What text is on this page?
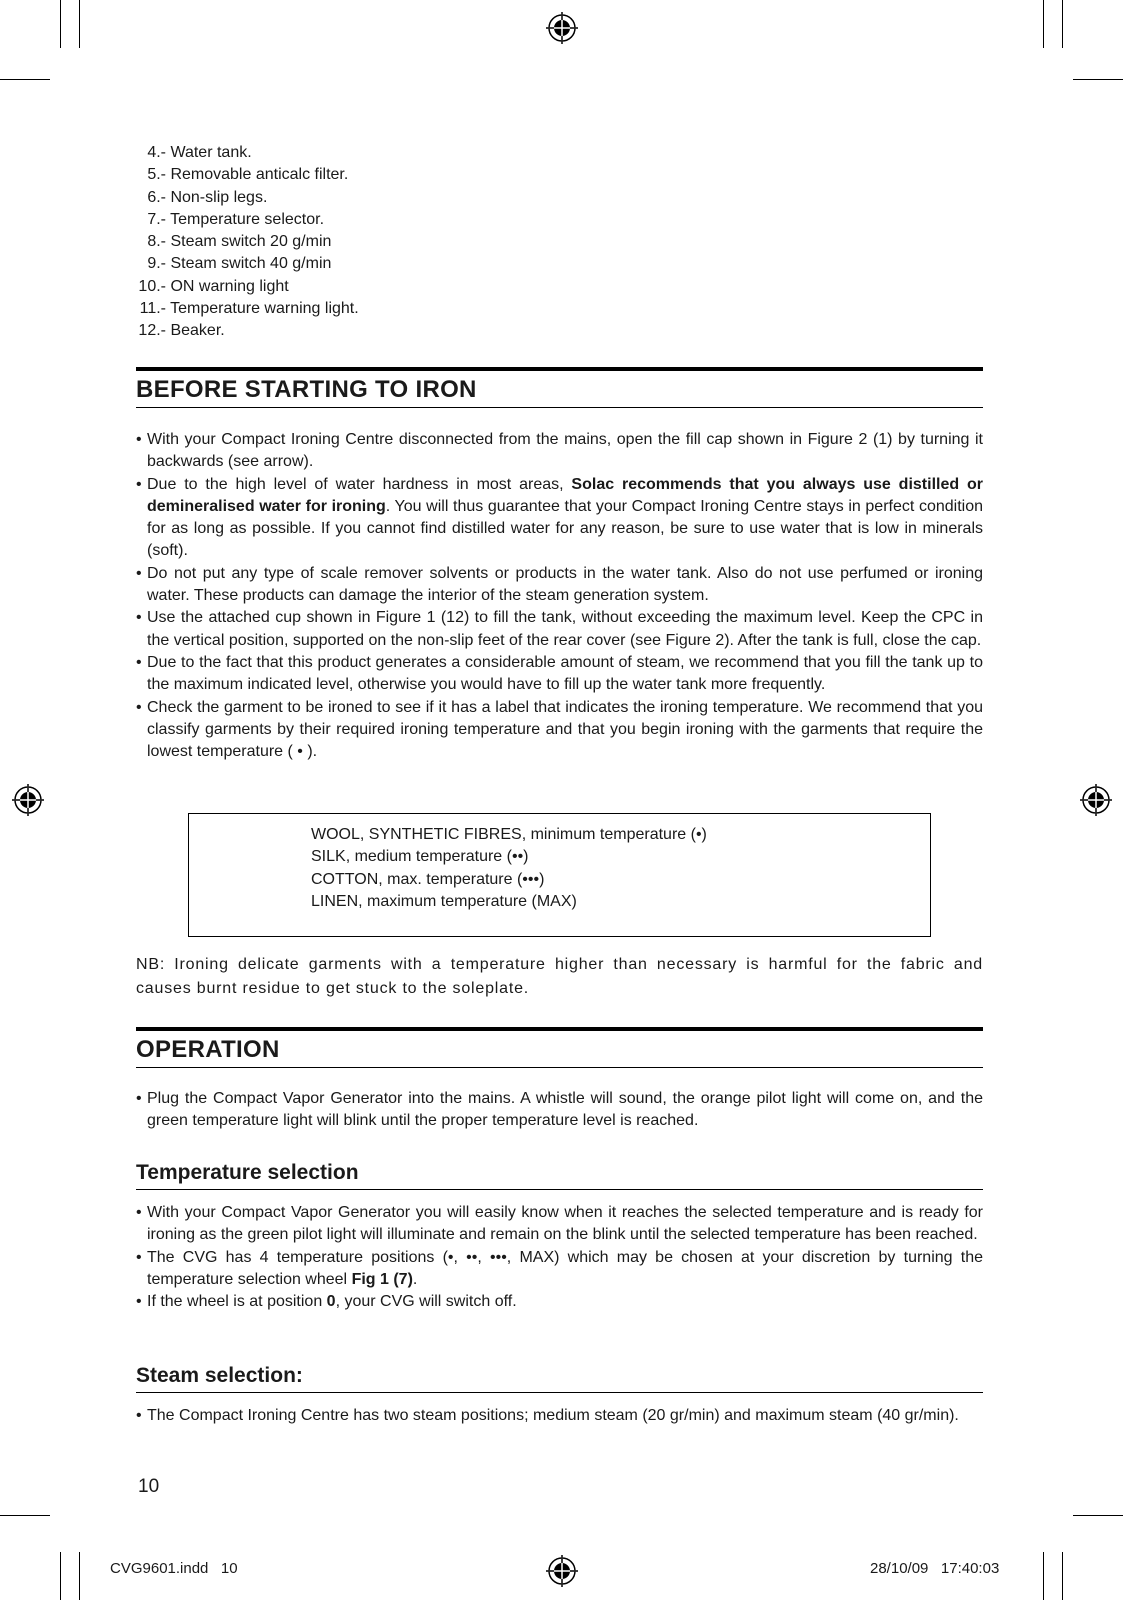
4.- Water tank.
5.- Removable anticalc filter.
6.- Non-slip legs.
7.- Temperature selector.
8.- Steam switch 20 g/min
9.- Steam switch 40 g/min
10.- ON warning light
11.- Temperature warning light.
12.- Beaker.
BEFORE STARTING TO IRON
• With your Compact Ironing Centre disconnected from the mains, open the fill cap shown in Figure 2 (1) by turning it backwards (see arrow).
• Due to the high level of water hardness in most areas, Solac recommends that you always use distilled or demineralised water for ironing. You will thus guarantee that your Compact Ironing Centre stays in perfect condition for as long as possible. If you cannot find distilled water for any reason, be sure to use water that is low in minerals (soft).
• Do not put any type of scale remover solvents or products in the water tank. Also do not use perfumed or ironing water. These products can damage the interior of the steam generation system.
• Use the attached cup shown in Figure 1 (12) to fill the tank, without exceeding the maximum level. Keep the CPC in the vertical position, supported on the non-slip feet of the rear cover (see Figure 2). After the tank is full, close the cap.
• Due to the fact that this product generates a considerable amount of steam, we recommend that you fill the tank up to the maximum indicated level, otherwise you would have to fill up the water tank more frequently.
• Check the garment to be ironed to see if it has a label that indicates the ironing temperature. We recommend that you classify garments by their required ironing temperature and that you begin ironing with the garments that require the lowest temperature ( • ).
WOOL, SYNTHETIC FIBRES, minimum temperature (•)
SILK, medium temperature (••)
COTTON, max. temperature (•••)
LINEN, maximum temperature (MAX)
NB: Ironing delicate garments with a temperature higher than necessary is harmful for the fabric and causes burnt residue to get stuck to the soleplate.
OPERATION
• Plug the Compact Vapor Generator into the mains. A whistle will sound, the orange pilot light will come on, and the green temperature light will blink until the proper temperature level is reached.
Temperature selection
• With your Compact Vapor Generator you will easily know when it reaches the selected temperature and is ready for ironing as the green pilot light will illuminate and remain on the blink until the selected temperature has been reached.
• The CVG has 4 temperature positions (•, ••, •••, MAX) which may be chosen at your discretion by turning the temperature selection wheel Fig 1 (7).
• If the wheel is at position 0, your CVG will switch off.
Steam selection:
• The Compact Ironing Centre has two steam positions; medium steam (20 gr/min) and maximum steam (40 gr/min).
10
CVG9601.indd   10	28/10/09   17:40:03
